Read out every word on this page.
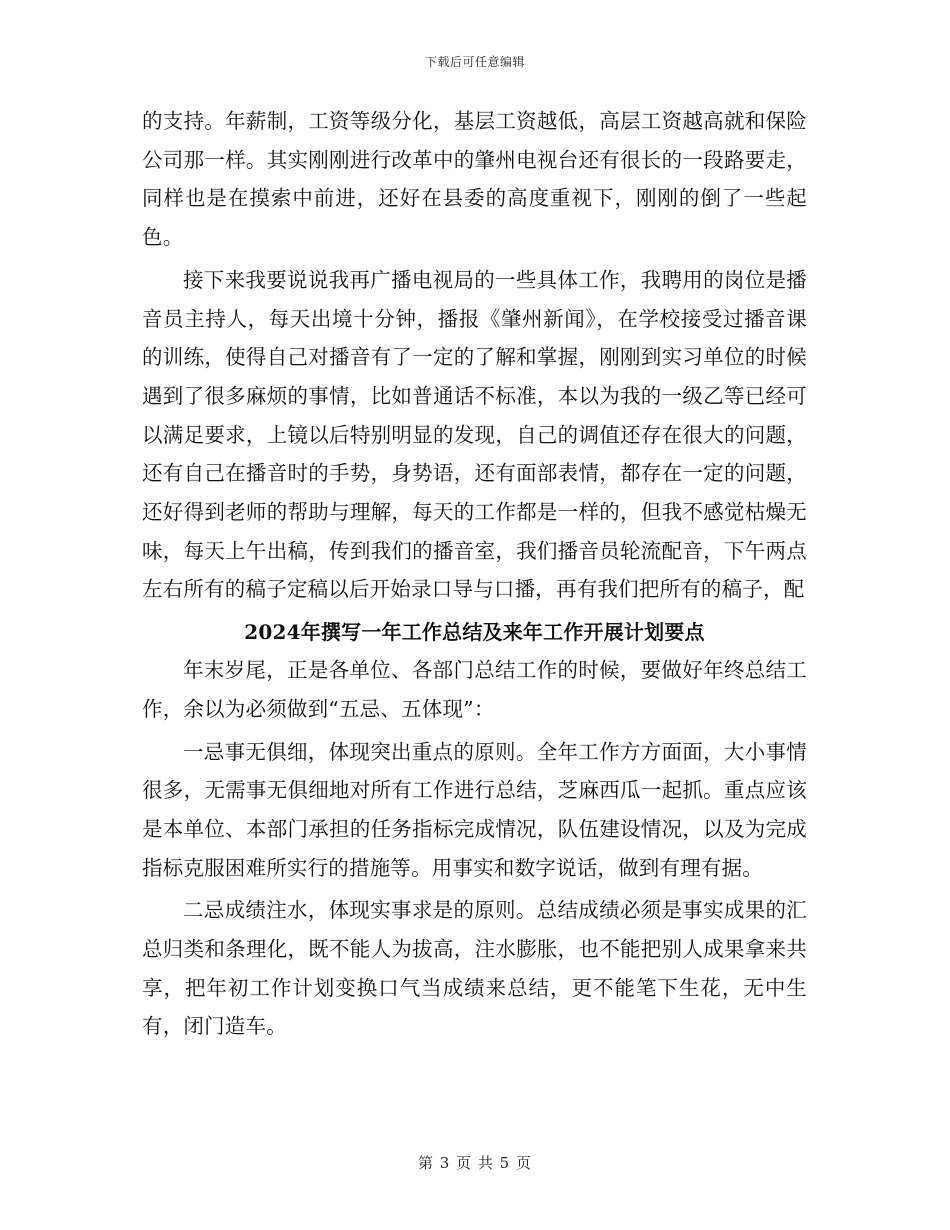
下载后可任意编辑

的支持。年薪制，工资等级分化，基层工资越低，高层工资越高就和保险公司那一样。其实刚刚进行改革中的肇州电视台还有很长的一段路要走，同样也是在摸索中前进，还好在县委的高度重视下，刚刚的倒了一些起色。

接下来我要说说我再广播电视局的一些具体工作，我聘用的岗位是播音员主持人，每天出境十分钟，播报《肇州新闻》，在学校接受过播音课的训练，使得自己对播音有了一定的了解和掌握，刚刚到实习单位的时候遇到了很多麻烦的事情，比如普通话不标准，本以为我的一级乙等已经可以满足要求，上镜以后特别明显的发现，自己的调值还存在很大的问题，还有自己在播音时的手势，身势语，还有面部表情，都存在一定的问题，还好得到老师的帮助与理解，每天的工作都是一样的，但我不感觉枯燥无味，每天上午出稿，传到我们的播音室，我们播音员轮流配音，下午两点左右所有的稿子定稿以后开始录口导与口播，再有我们把所有的稿子，配

2024年撰写一年工作总结及来年工作开展计划要点

年末岁尾，正是各单位、各部门总结工作的时候，要做好年终总结工作，余以为必须做到“五忌、五体现”：

一忌事无俱细，体现突出重点的原则。全年工作方方面面，大小事情很多，无需事无俱细地对所有工作进行总结，芝麻西瓜一起抓。重点应该是本单位、本部门承担的任务指标完成情况，队伍建设情况，以及为完成指标克服困难所实行的措施等。用事实和数字说话，做到有理有据。

二忌成绩注水，体现实事求是的原则。总结成绩必须是事实成果的汇总归类和条理化，既不能人为拔高，注水膨胀，也不能把别人成果拿来共享，把年初工作计划变换口气当成绩来总结，更不能笔下生花，无中生有，闭门造车。

第 3 页 共 5 页
